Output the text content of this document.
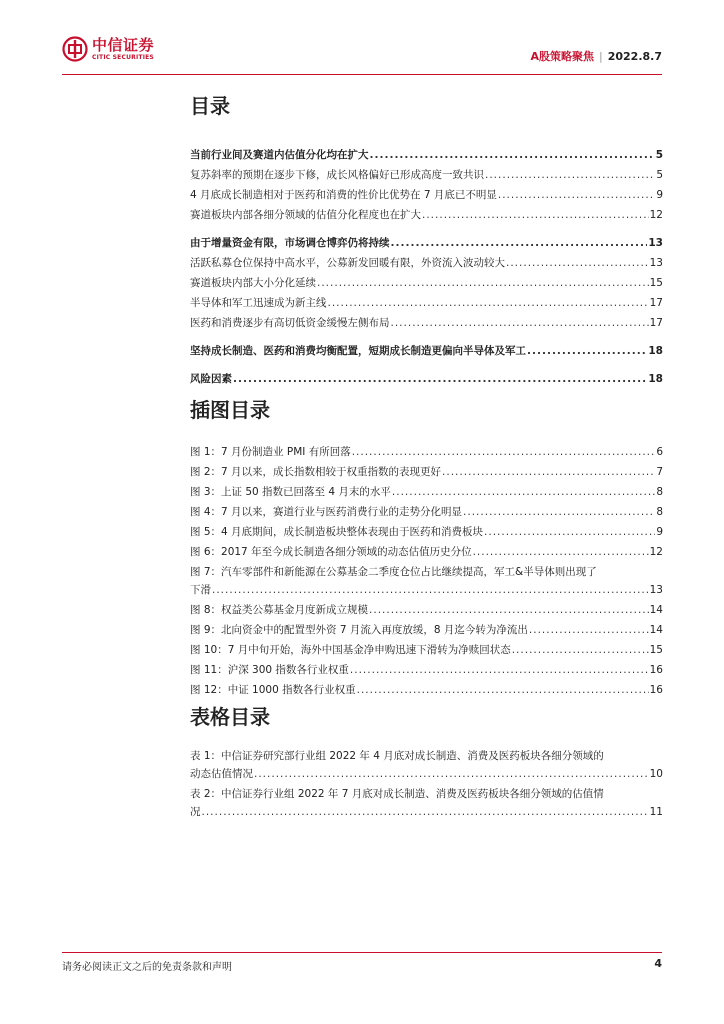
中信证券
CITIC SECURITIES	A股策略聚焦 | 2022.8.7
目录
当前行业间及赛道内估值分化均在扩大 .....	5
复苏斜率的预期在逐步下修，成长风格偏好已形成高度一致共识 .....	5
4 月底成长制造相对于医药和消费的性价比优势在 7 月底已不明显 .....	9
赛道板块内部各细分领域的估值分化程度也在扩大 .....	12
由于增量资金有限，市场调仓博弈仍将持续 .....	13
活跃私募仓位保持中高水平，公募新发回暖有限，外资流入波动较大 .....	13
赛道板块内部大小分化延续 .....	15
半导体和军工迅速成为新主线 .....	17
医药和消费逐步有高切低资金缓慢左侧布局 .....	17
坚持成长制造、医药和消费均衡配置，短期成长制造更偏向半导体及军工 .....	18
风险因素 .....	18
插图目录
图 1：7 月份制造业 PMI 有所回落 .....	6
图 2：7 月以来，成长指数相较于权重指数的表现更好 .....	7
图 3：上证 50 指数已回落至 4 月末的水平 .....	8
图 4：7 月以来，赛道行业与医药消费行业的走势分化明显 .....	8
图 5：4 月底期间，成长制造板块整体表现由于医药和消费板块 .....	9
图 6：2017 年至今成长制造各细分领域的动态估值历史分位 .....	12
图 7：汽车零部件和新能源在公募基金二季度仓位占比继续提高，军工&半导体则出现了
下滑 .....	13
图 8：权益类公募基金月度新成立规模 .....	14
图 9：北向资金中的配置型外资 7 月流入再度放缓，8 月迄今转为净流出 .....	14
图 10：7 月中旬开始，海外中国基金净申购迅速下滑转为净赎回状态 .....	15
图 11：沪深 300 指数各行业权重 .....	16
图 12：中证 1000 指数各行业权重 .....	16
表格目录
表 1：中信证券研究部行业组 2022 年 4 月底对成长制造、消费及医药板块各细分领域的
动态估值情况 .....	10
表 2：中信证券行业组 2022 年 7 月底对成长制造、消费及医药板块各细分领域的估值情
况 .....	11
请务必阅读正文之后的免责条款和声明	4
